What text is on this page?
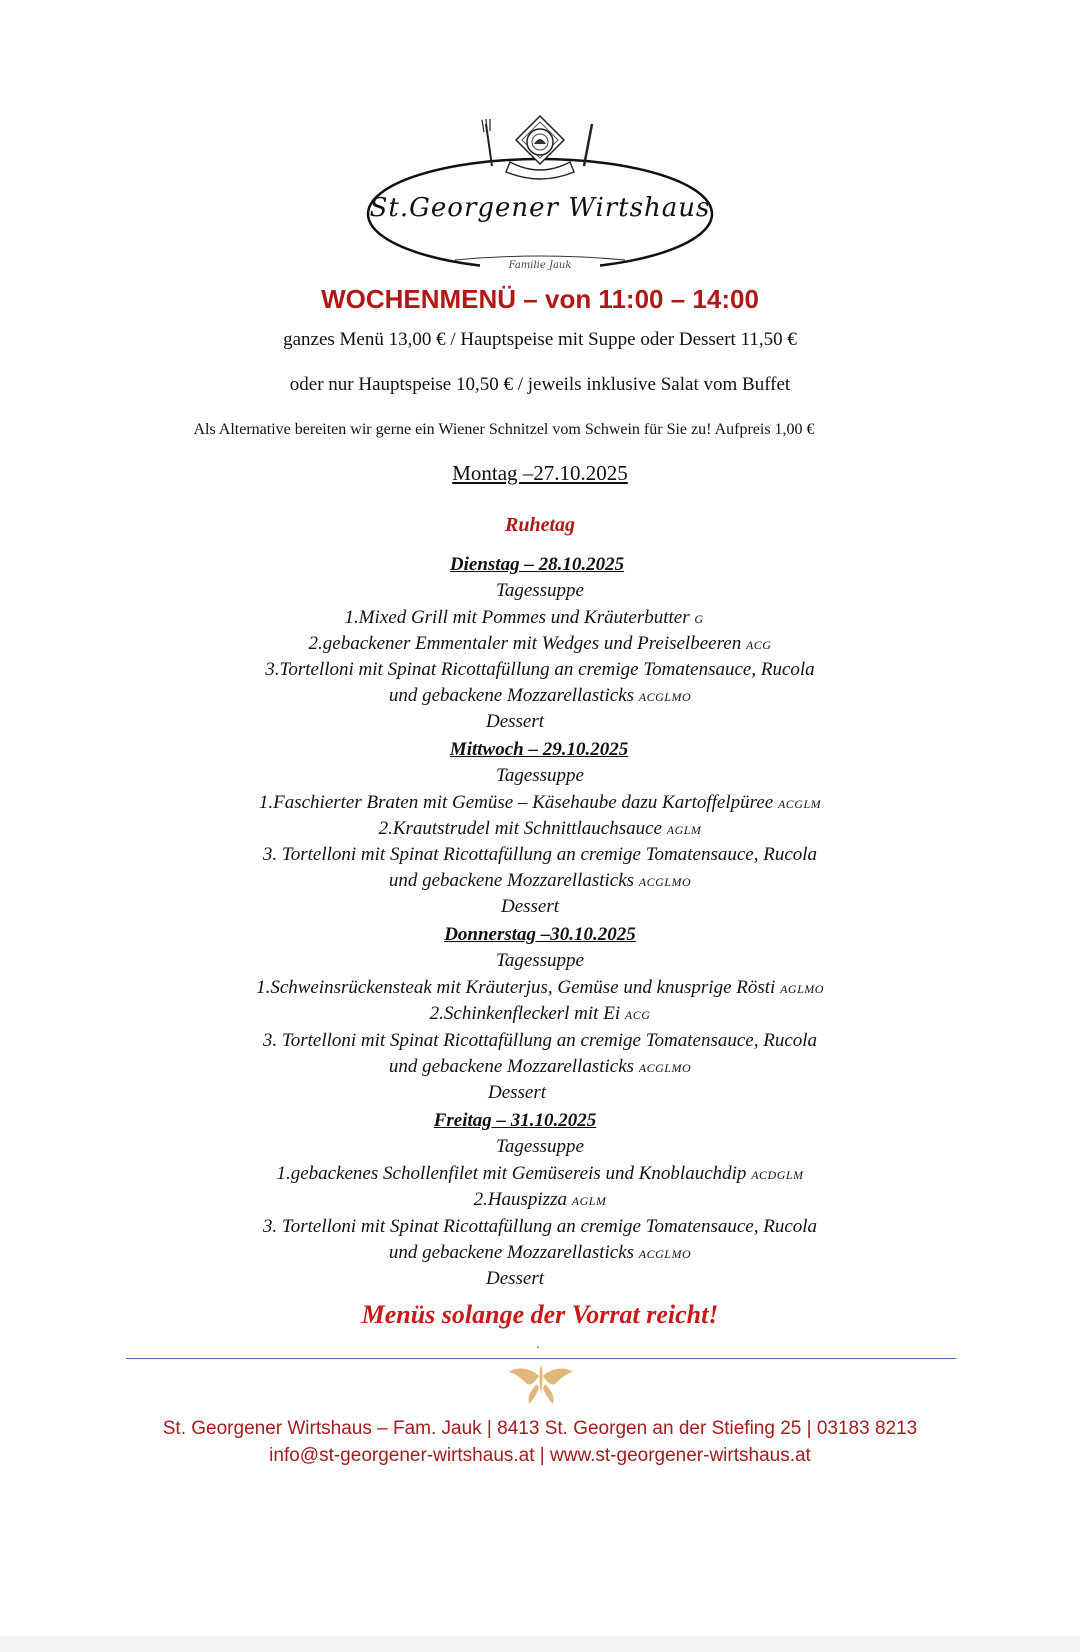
St.Georgener Wirtshaus
Familie Jauk
WOCHENMENÜ – von 11:00 – 14:00
ganzes Menü 13,00 € / Hauptspeise mit Suppe oder Dessert 11,50 €
oder nur Hauptspeise 10,50 € / jeweils inklusive Salat vom Buffet
Als Alternative bereiten wir gerne ein Wiener Schnitzel vom Schwein für Sie zu! Aufpreis 1,00 €
Montag –27.10.2025
Ruhetag
Dienstag – 28.10.2025
Tagessuppe
1.Mixed Grill mit Pommes und Kräuterbutter G
2.gebackener Emmentaler mit Wedges und Preiselbeeren ACG
3.Tortelloni mit Spinat Ricottafüllung an cremige Tomatensauce, Rucola
und gebackene Mozzarellasticks ACGLMO
Dessert
Mittwoch – 29.10.2025
Tagessuppe
1.Faschierter Braten mit Gemüse – Käsehaube dazu Kartoffelpüree ACGLM
2.Krautstrudel mit Schnittlauchsauce AGLM
3. Tortelloni mit Spinat Ricottafüllung an cremige Tomatensauce, Rucola
und gebackene Mozzarellasticks ACGLMO
Dessert
Donnerstag –30.10.2025
Tagessuppe
1.Schweinsrückensteak mit Kräuterjus, Gemüse und knusprige Rösti AGLMO
2.Schinkenfleckerl mit Ei ACG
3. Tortelloni mit Spinat Ricottafüllung an cremige Tomatensauce, Rucola
und gebackene Mozzarellasticks ACGLMO
Dessert
Freitag – 31.10.2025
Tagessuppe
1.gebackenes Schollenfilet mit Gemüsereis und Knoblauchdip ACDGLM
2.Hauspizza AGLM
3. Tortelloni mit Spinat Ricottafüllung an cremige Tomatensauce, Rucola
und gebackene Mozzarellasticks ACGLMO
Dessert
Menüs solange der Vorrat reicht!
.
St. Georgener Wirtshaus – Fam. Jauk | 8413 St. Georgen an der Stiefing 25 | 03183 8213
info@st-georgener-wirtshaus.at | www.st-georgener-wirtshaus.at
